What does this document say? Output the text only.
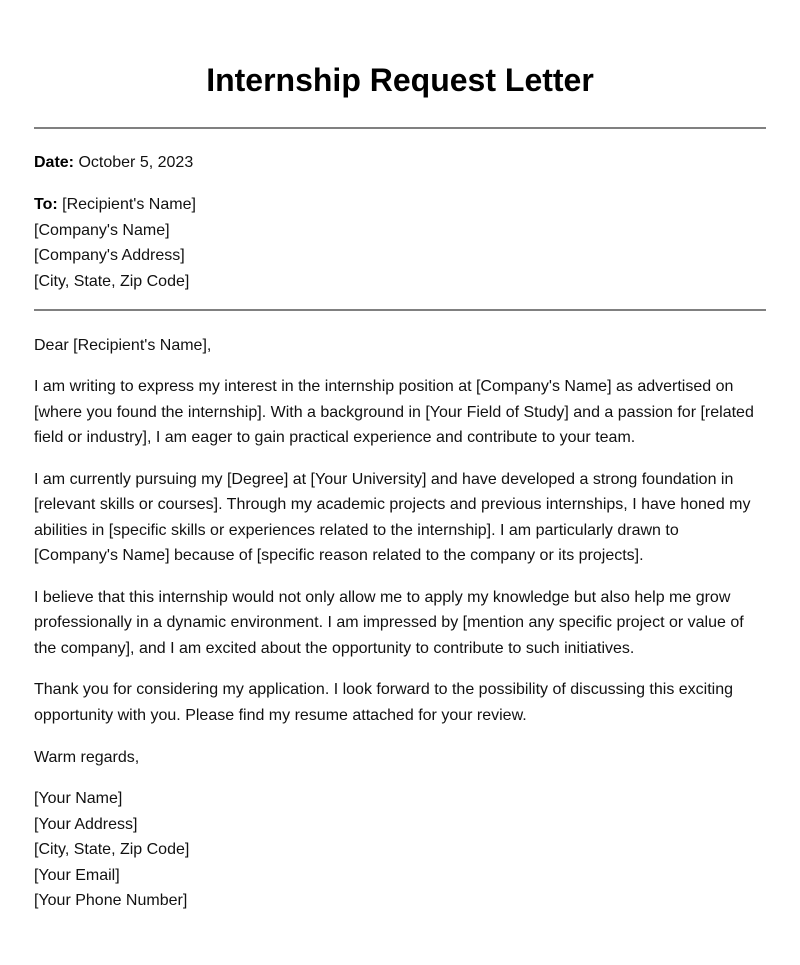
Internship Request Letter
Date: October 5, 2023
To: [Recipient's Name]
[Company's Name]
[Company's Address]
[City, State, Zip Code]
Dear [Recipient's Name],

I am writing to express my interest in the internship position at [Company's Name] as advertised on
[where you found the internship]. With a background in [Your Field of Study] and a passion for [related
field or industry], I am eager to gain practical experience and contribute to your team.

I am currently pursuing my [Degree] at [Your University] and have developed a strong foundation in
[relevant skills or courses]. Through my academic projects and previous internships, I have honed my
abilities in [specific skills or experiences related to the internship]. I am particularly drawn to
[Company's Name] because of [specific reason related to the company or its projects].

I believe that this internship would not only allow me to apply my knowledge but also help me grow
professionally in a dynamic environment. I am impressed by [mention any specific project or value of
the company], and I am excited about the opportunity to contribute to such initiatives.

Thank you for considering my application. I look forward to the possibility of discussing this exciting
opportunity with you. Please find my resume attached for your review.

Warm regards,
[Your Name]
[Your Address]
[City, State, Zip Code]
[Your Email]
[Your Phone Number]
